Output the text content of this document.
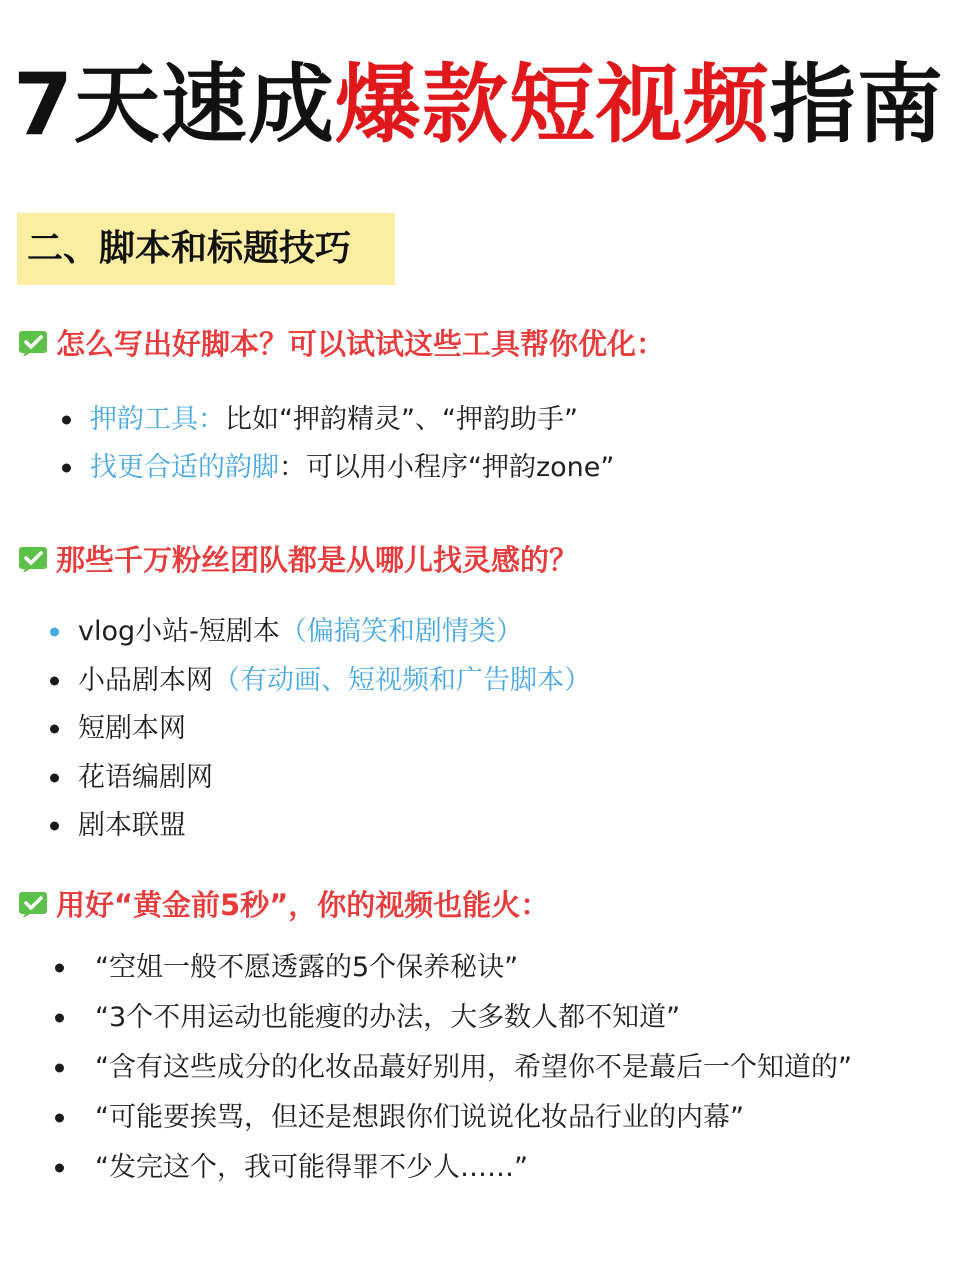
7天速成爆款短视频指南
二、脚本和标题技巧
怎么写出好脚本？可以试试这些工具帮你优化：
押韵工具：比如“押韵精灵”、“押韵助手”
找更合适的韵脚：可以用小程序“押韵zone”
那些千万粉丝团队都是从哪儿找灵感的？
vlog小站-短剧本（偏搞笑和剧情类）
小品剧本网（有动画、短视频和广告脚本）
短剧本网
花语编剧网
剧本联盟
用好“黄金前5秒”，你的视频也能火：
“空姐一般不愿透露的5个保养秘诀”
“3个不用运动也能瘦的办法，大多数人都不知道”
“含有这些成分的化妆品蕞好别用，希望你不是蕞后一个知道的”
“可能要挨骂，但还是想跟你们说说化妆品行业的内幕”
“发完这个，我可能得罪不少人……”
